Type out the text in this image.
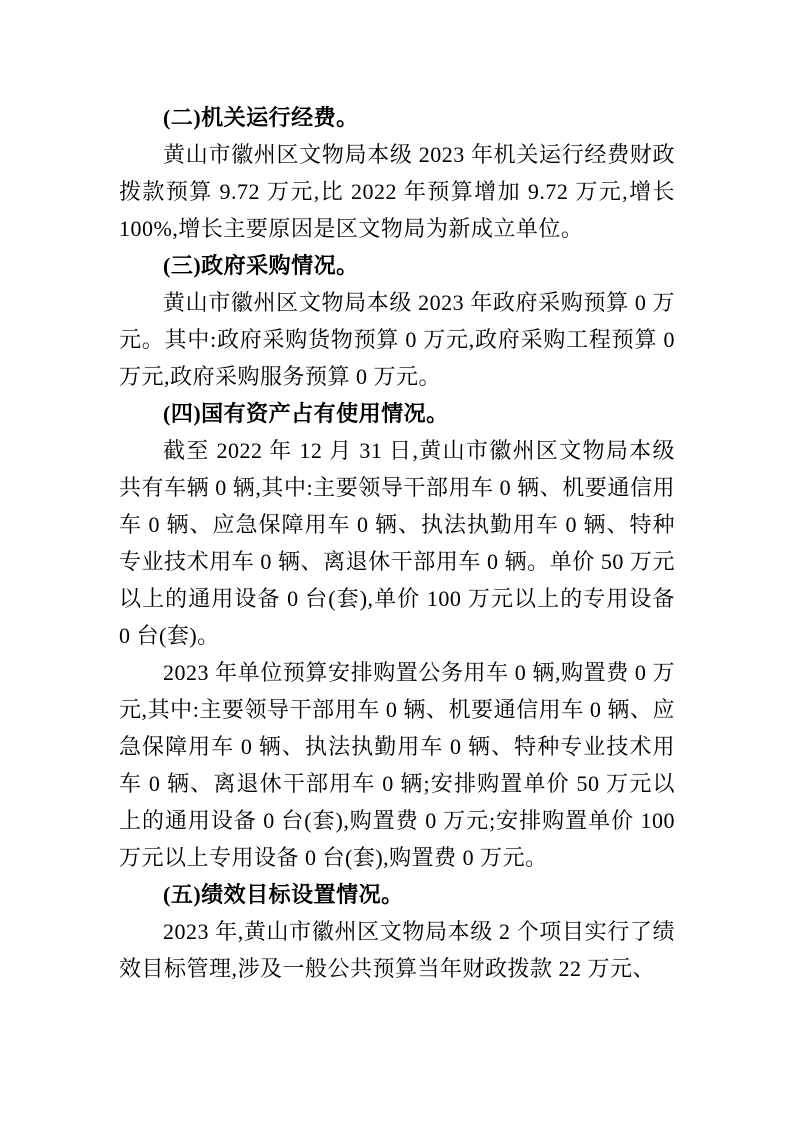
(二)机关运行经费。

黄山市徽州区文物局本级 2023 年机关运行经费财政拨款预算 9.72 万元,比 2022 年预算增加 9.72 万元,增长 100%,增长主要原因是区文物局为新成立单位。

(三)政府采购情况。

黄山市徽州区文物局本级 2023 年政府采购预算 0 万元。其中:政府采购货物预算 0 万元,政府采购工程预算 0 万元,政府采购服务预算 0 万元。

(四)国有资产占有使用情况。

截至 2022 年 12 月 31 日,黄山市徽州区文物局本级共有车辆 0 辆,其中:主要领导干部用车 0 辆、机要通信用车 0 辆、应急保障用车 0 辆、执法执勤用车 0 辆、特种专业技术用车 0 辆、离退休干部用车 0 辆。单价 50 万元以上的通用设备 0 台(套),单价 100 万元以上的专用设备 0 台(套)。

2023 年单位预算安排购置公务用车 0 辆,购置费 0 万元,其中:主要领导干部用车 0 辆、机要通信用车 0 辆、应急保障用车 0 辆、执法执勤用车 0 辆、特种专业技术用车 0 辆、离退休干部用车 0 辆;安排购置单价 50 万元以上的通用设备 0 台(套),购置费 0 万元;安排购置单价 100 万元以上专用设备 0 台(套),购置费 0 万元。

(五)绩效目标设置情况。

2023 年,黄山市徽州区文物局本级 2 个项目实行了绩效目标管理,涉及一般公共预算当年财政拨款 22 万元、
